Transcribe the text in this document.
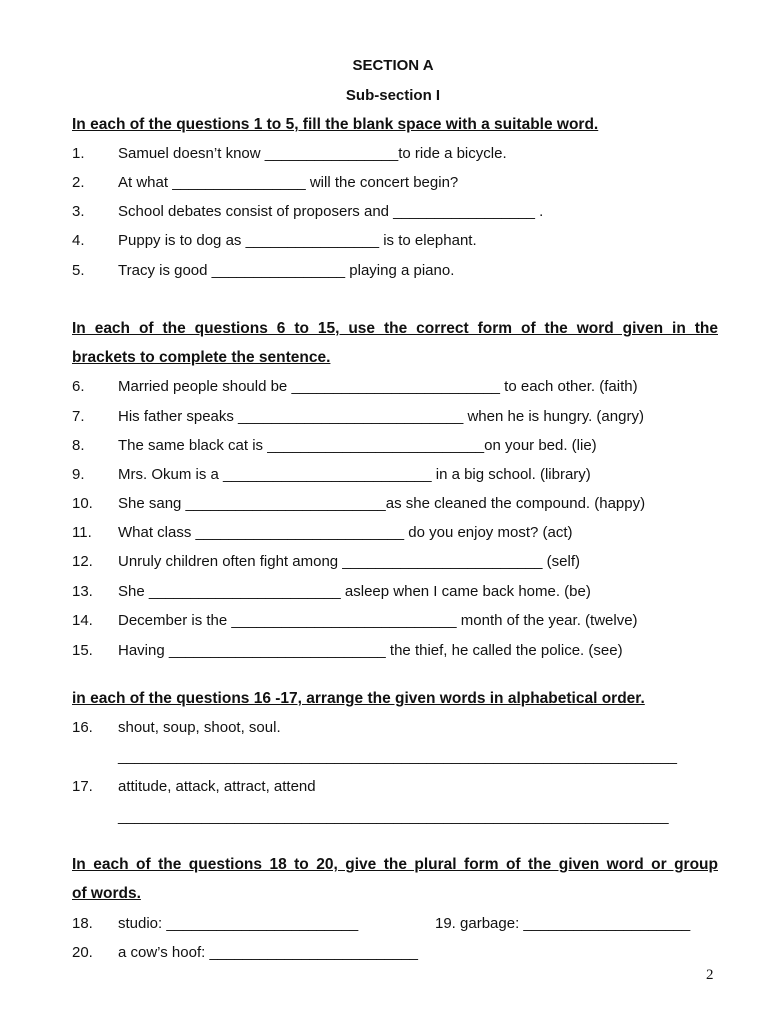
SECTION A
Sub-section I
In each of the questions 1 to 5, fill the blank space with a suitable word.
1. Samuel doesn’t know ________________to ride a bicycle.
2. At what ________________ will the concert begin?
3. School debates consist of proposers and _________________ .
4. Puppy is to dog as ________________ is to elephant.
5. Tracy is good ________________ playing a piano.
In each of the questions 6 to 15, use the correct form of the word given in the
brackets to complete the sentence.
6. Married people should be _________________________ to each other. (faith)
7. His father speaks ___________________________ when he is hungry. (angry)
8. The same black cat is __________________________on your bed. (lie)
9. Mrs. Okum is a _________________________ in a big school. (library)
10. She sang ________________________as she cleaned the compound. (happy)
11. What class _________________________ do you enjoy most? (act)
12. Unruly children often fight among ________________________ (self)
13. She _______________________ asleep when I came back home. (be)
14. December is the ___________________________ month of the year. (twelve)
15. Having __________________________ the thief, he called the police. (see)
in each of the questions 16 -17, arrange the given words in alphabetical order.
16. shout, soup, shoot, soul.
___________________________________________________________________
17. attitude, attack, attract, attend
__________________________________________________________________
In each of the questions 18 to 20, give the plural form of the given word or group
of words.
18. studio: _______________________	19. garbage: ____________________
20. a cow’s hoof: _________________________
2
